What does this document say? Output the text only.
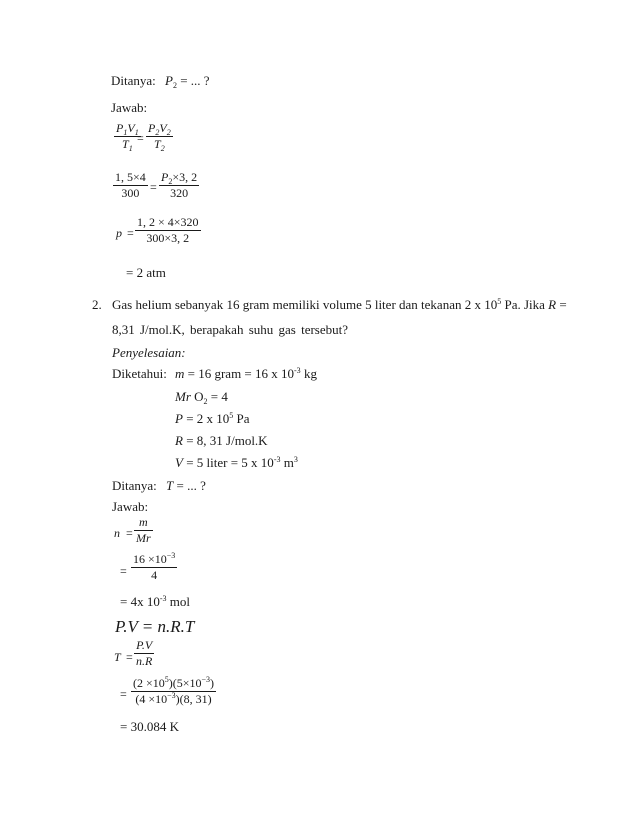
Ditanya: $P_2$ = ... ?
Jawab:
$\frac{P_1V_1}{T_1}$
= $\frac{P_2V_2}{T_2}$
$\frac{1, 5\times 4}{300} = \frac{P_2\times 3, 2}{320}$
$p = \frac{1, 2 \times 4\times 320}{300\times 3, 2}$
= 2 atm
2. Gas helium sebanyak 16 gram memiliki volume 5 liter dan tekanan 2 x $10^5$ Pa. Jika R =
8,31 J/mol.K, berapakah suhu gas tersebut?
Penyelesaian:
Diketahui: m = 16 gram = 16 x $10^{-3}$ kg
Mr $O_2 = 4$
P = 2 x $10^5$ Pa
R = 8, 31 J/mol.K
V = 5 liter = 5 x $10^{-3}$ $m^3$
Ditanya: T = ... ?
Jawab:
$n = \frac{m}{Mr}$
= $\frac{16 \times 10^{-3}}{4}$
= 4x $10^{-3}$ mol
P.V = n.R.T
$T = \frac{P.V}{n.R}$
= $\frac{(2 \times 10^5)(5\times 10^{-3})}{(4 \times 10^{-3})(8, 31)}$
= 30.084 K
